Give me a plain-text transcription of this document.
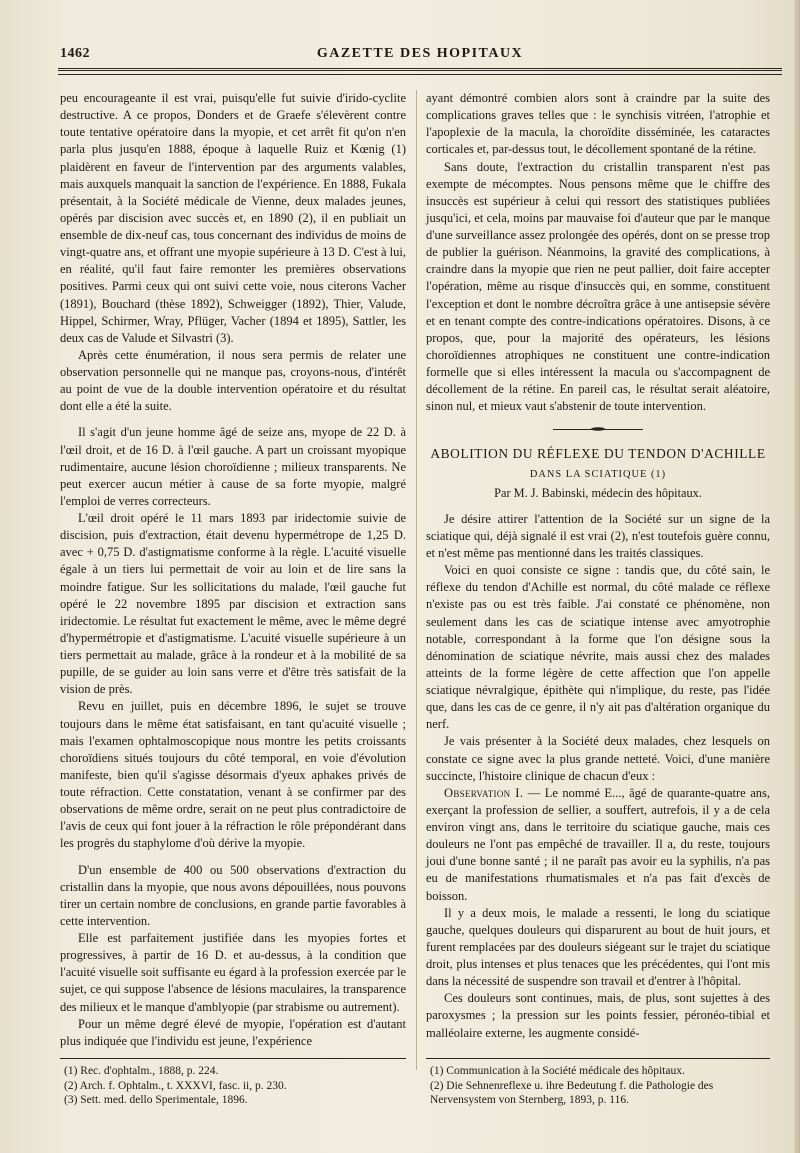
1462	GAZETTE DES HOPITAUX

peu encourageante il est vrai, puisqu'elle fut suivie d'irido-cyclite destructive. A ce propos, Donders et de Graefe s'élevèrent contre toute tentative opératoire dans la myopie, et cet arrêt fit qu'on n'en parla plus jusqu'en 1888, époque à laquelle Ruiz et Kœnig (1) plaidèrent en faveur de l'intervention par des arguments valables, mais auxquels manquait la sanction de l'expérience. En 1888, Fukala présentait, à la Société médicale de Vienne, deux malades jeunes, opérés par discision avec succès et, en 1890 (2), il en publiait un ensemble de dix-neuf cas, tous concernant des individus de moins de vingt-quatre ans, et offrant une myopie supérieure à 13 D. C'est à lui, en réalité, qu'il faut faire remonter les premières observations positives. Parmi ceux qui ont suivi cette voie, nous citerons Vacher (1891), Bouchard (thèse 1892), Schweigger (1892), Thier, Valude, Hippel, Schirmer, Wray, Pflüger, Vacher (1894 et 1895), Sattler, les deux cas de Valude et Silvastri (3).

Après cette énumération, il nous sera permis de relater une observation personnelle qui ne manque pas, croyons-nous, d'intérêt au point de vue de la double intervention opératoire et du résultat dont elle a été la suite.

Il s'agit d'un jeune homme âgé de seize ans, myope de 22 D. à l'œil droit, et de 16 D. à l'œil gauche. A part un croissant myopique rudimentaire, aucune lésion choroïdienne ; milieux transparents. Ne peut exercer aucun métier à cause de sa forte myopie, malgré l'emploi de verres correcteurs.

L'œil droit opéré le 11 mars 1893 par iridectomie suivie de discision, puis d'extraction, était devenu hypermétrope de 1,25 D. avec + 0,75 D. d'astigmatisme conforme à la règle. L'acuité visuelle égale à un tiers lui permettait de voir au loin et de lire sans la moindre fatigue. Sur les sollicitations du malade, l'œil gauche fut opéré le 22 novembre 1895 par discision et extraction sans iridectomie. Le résultat fut exactement le même, avec le même degré d'hypermétropie et d'astigmatisme. L'acuité visuelle supérieure à un tiers permettait au malade, grâce à la rondeur et à la mobilité de sa pupille, de se guider au loin sans verre et d'être très satisfait de la vision de près.

Revu en juillet, puis en décembre 1896, le sujet se trouve toujours dans le même état satisfaisant, en tant qu'acuité visuelle ; mais l'examen ophtalmoscopique nous montre les petits croissants choroïdiens situés toujours du côté temporal, en voie d'évolution manifeste, bien qu'il s'agisse désormais d'yeux aphakes privés de toute réfraction. Cette constatation, venant à se confirmer par des observations de même ordre, serait on ne peut plus contradictoire de l'avis de ceux qui font jouer à la réfraction le rôle prépondérant dans les progrès du staphylome d'où dérive la myopie.

D'un ensemble de 400 ou 500 observations d'extraction du cristallin dans la myopie, que nous avons dépouillées, nous pouvons tirer un certain nombre de conclusions, en grande partie favorables à cette intervention.

Elle est parfaitement justifiée dans les myopies fortes et progressives, à partir de 16 D. et au-dessus, à la condition que l'acuité visuelle soit suffisante eu égard à la profession exercée par le sujet, ce qui suppose l'absence de lésions maculaires, la transparence des milieux et le manque d'amblyopie (par strabisme ou autrement).

Pour un même degré élevé de myopie, l'opération est d'autant plus indiquée que l'individu est jeune, l'expérience

ayant démontré combien alors sont à craindre par la suite des complications graves telles que : le synchisis vitréen, l'atrophie et l'apoplexie de la macula, la choroïdite disséminée, les cataractes corticales et, par-dessus tout, le décollement spontané de la rétine.

Sans doute, l'extraction du cristallin transparent n'est pas exempte de mécomptes. Nous pensons même que le chiffre des insuccès est supérieur à celui qui ressort des statistiques publiées jusqu'ici, et cela, moins par mauvaise foi d'auteur que par le manque d'une surveillance assez prolongée des opérés, dont on se presse trop de publier la guérison. Néanmoins, la gravité des complications, à craindre dans la myopie que rien ne peut pallier, doit faire accepter l'opération, même au risque d'insuccès qui, en somme, constituent l'exception et dont le nombre décroîtra grâce à une antisepsie sévère et en tenant compte des contre-indications opératoires. Disons, à ce propos, que, pour la majorité des opérateurs, les lésions choroïdiennes atrophiques ne constituent une contre-indication formelle que si elles intéressent la macula ou s'accompagnent de décollement de la rétine. En pareil cas, le résultat serait aléatoire, sinon nul, et mieux vaut s'abstenir de toute intervention.

ABOLITION DU RÉFLEXE DU TENDON D'ACHILLE

DANS LA SCIATIQUE (1)

Par M. J. Babinski, médecin des hôpitaux.

Je désire attirer l'attention de la Société sur un signe de la sciatique qui, déjà signalé il est vrai (2), n'est toutefois guère connu, et n'est même pas mentionné dans les traités classiques.

Voici en quoi consiste ce signe : tandis que, du côté sain, le réflexe du tendon d'Achille est normal, du côté malade ce réflexe n'existe pas ou est très faible. J'ai constaté ce phénomène, non seulement dans les cas de sciatique intense avec amyotrophie notable, correspondant à la forme que l'on désigne sous la dénomination de sciatique névrite, mais aussi chez des malades atteints de la forme légère de cette affection que l'on appelle sciatique névralgique, épithète qui n'implique, du reste, pas l'idée que, dans les cas de ce genre, il n'y ait pas d'altération organique du nerf.

Je vais présenter à la Société deux malades, chez lesquels on constate ce signe avec la plus grande netteté. Voici, d'une manière succincte, l'histoire clinique de chacun d'eux :

Observation I. — Le nommé E..., âgé de quarante-quatre ans, exerçant la profession de sellier, a souffert, autrefois, il y a de cela environ vingt ans, dans le territoire du sciatique gauche, mais ces douleurs ne l'ont pas empêché de travailler. Il a, du reste, toujours joui d'une bonne santé ; il ne paraît pas avoir eu la syphilis, n'a pas eu de manifestations rhumatismales et n'a pas fait d'excès de boisson.

Il y a deux mois, le malade a ressenti, le long du sciatique gauche, quelques douleurs qui disparurent au bout de huit jours, et furent remplacées par des douleurs siégeant sur le trajet du sciatique droit, plus intenses et plus tenaces que les précédentes, qui l'ont mis dans la nécessité de suspendre son travail et d'entrer à l'hôpital.

Ces douleurs sont continues, mais, de plus, sont sujettes à des paroxysmes ; la pression sur les points fessier, péronéo-tibial et malléolaire externe, les augmente considé-

(1) Rec. d'ophtalm., 1888, p. 224.
(2) Arch. f. Ophtalm., t. XXXVI, fasc. ii, p. 230.
(3) Sett. med. dello Sperimentale, 1896.
(1) Communication à la Société médicale des hôpitaux.
(2) Die Sehnenreflexe u. ihre Bedeutung f. die Pathologie des Nervensystem von Sternberg, 1893, p. 116.
